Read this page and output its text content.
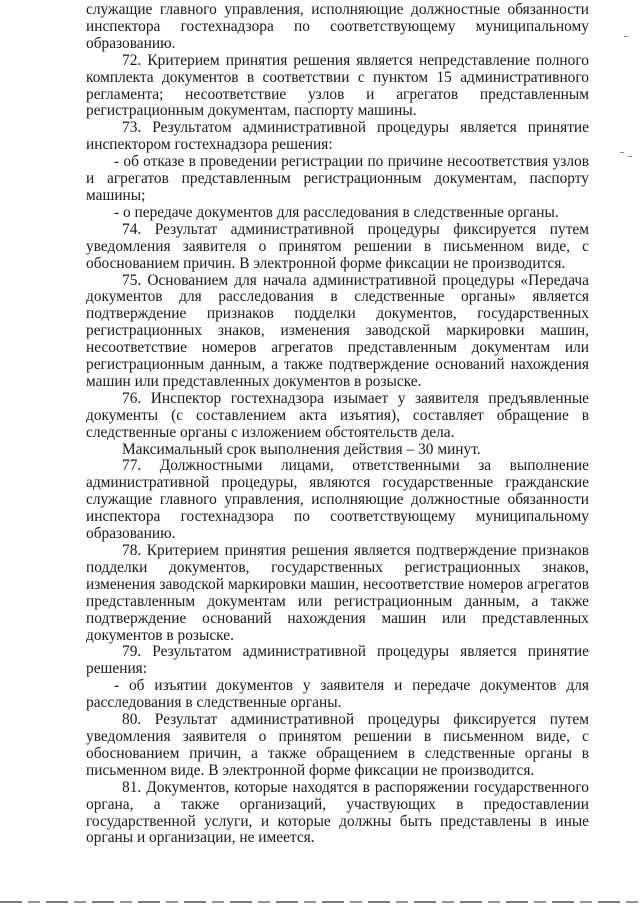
служащие главного управления, исполняющие должностные обязанности инспектора гостехнадзора по соответствующему муниципальному образованию.

72. Критерием принятия решения является непредставление полного комплекта документов в соответствии с пунктом 15 административного регламента; несоответствие узлов и агрегатов представленным регистрационным документам, паспорту машины.

73. Результатом административной процедуры является принятие инспектором гостехнадзора решения:

- об отказе в проведении регистрации по причине несоответствия узлов и агрегатов представленным регистрационным документам, паспорту машины;

- о передаче документов для расследования в следственные органы.

74. Результат административной процедуры фиксируется путем уведомления заявителя о принятом решении в письменном виде, с обоснованием причин. В электронной форме фиксации не производится.

75. Основанием для начала административной процедуры «Передача документов для расследования в следственные органы» является подтверждение признаков подделки документов, государственных регистрационных знаков, изменения заводской маркировки машин, несоответствие номеров агрегатов представленным документам или регистрационным данным, а также подтверждение оснований нахождения машин или представленных документов в розыске.

76. Инспектор гостехнадзора изымает у заявителя предъявленные документы (с составлением акта изъятия), составляет обращение в следственные органы с изложением обстоятельств дела.

Максимальный срок выполнения действия – 30 минут.

77. Должностными лицами, ответственными за выполнение административной процедуры, являются государственные гражданские служащие главного управления, исполняющие должностные обязанности инспектора гостехнадзора по соответствующему муниципальному образованию.

78. Критерием принятия решения является подтверждение признаков подделки документов, государственных регистрационных знаков, изменения заводской маркировки машин, несоответствие номеров агрегатов представленным документам или регистрационным данным, а также подтверждение оснований нахождения машин или представленных документов в розыске.

79. Результатом административной процедуры является принятие решения:

- об изъятии документов у заявителя и передаче документов для расследования в следственные органы.

80. Результат административной процедуры фиксируется путем уведомления заявителя о принятом решении в письменном виде, с обоснованием причин, а также обращением в следственные органы в письменном виде. В электронной форме фиксации не производится.

81. Документов, которые находятся в распоряжении государственного органа, а также организаций, участвующих в предоставлении государственной услуги, и которые должны быть представлены в иные органы и организации, не имеется.
